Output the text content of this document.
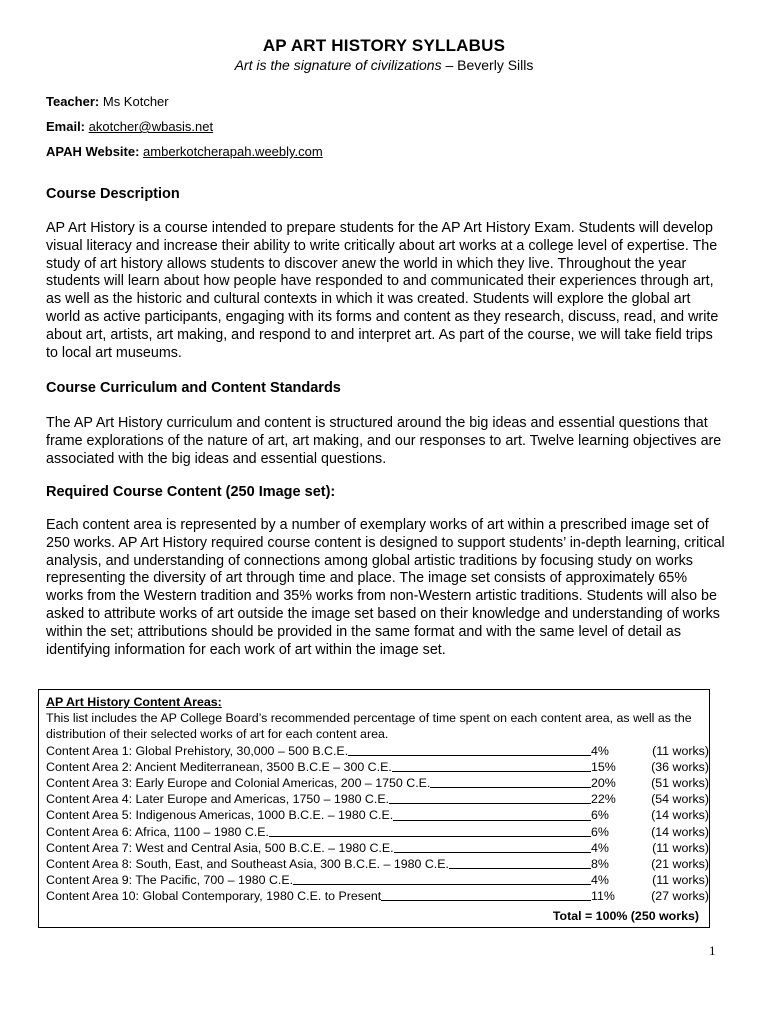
AP ART HISTORY SYLLABUS
Art is the signature of civilizations – Beverly Sills
Teacher: Ms Kotcher
Email: akotcher@wbasis.net
APAH Website: amberkotcherapah.weebly.com
Course Description

AP Art History is a course intended to prepare students for the AP Art History Exam. Students will develop visual literacy and increase their ability to write critically about art works at a college level of expertise. The study of art history allows students to discover anew the world in which they live. Throughout the year students will learn about how people have responded to and communicated their experiences through art, as well as the historic and cultural contexts in which it was created. Students will explore the global art world as active participants, engaging with its forms and content as they research, discuss, read, and write about art, artists, art making, and respond to and interpret art. As part of the course, we will take field trips to local art museums.

Course Curriculum and Content Standards

The AP Art History curriculum and content is structured around the big ideas and essential questions that frame explorations of the nature of art, art making, and our responses to art. Twelve learning objectives are associated with the big ideas and essential questions.

Required Course Content (250 Image set):

Each content area is represented by a number of exemplary works of art within a prescribed image set of 250 works. AP Art History required course content is designed to support students’ in-depth learning, critical analysis, and understanding of connections among global artistic traditions by focusing study on works representing the diversity of art through time and place. The image set consists of approximately 65% works from the Western tradition and 35% works from non-Western artistic traditions. Students will also be asked to attribute works of art outside the image set based on their knowledge and understanding of works within the set; attributions should be provided in the same format and with the same level of detail as identifying information for each work of art within the image set.

AP Art History Content Areas:
This list includes the AP College Board’s recommended percentage of time spent on each content area, as well as the distribution of their selected works of art for each content area.
Content Area 1: Global Prehistory, 30,000 – 500 B.C.E.	4%	(11 works)
Content Area 2: Ancient Mediterranean, 3500 B.C.E – 300 C.E.	15%	(36 works)
Content Area 3: Early Europe and Colonial Americas, 200 – 1750 C.E.	20%	(51 works)
Content Area 4: Later Europe and Americas, 1750 – 1980 C.E.	22%	(54 works)
Content Area 5: Indigenous Americas, 1000 B.C.E. – 1980 C.E.	6%	(14 works)
Content Area 6: Africa, 1100 – 1980 C.E.	6%	(14 works)
Content Area 7: West and Central Asia, 500 B.C.E. – 1980 C.E.	4%	(11 works)
Content Area 8: South, East, and Southeast Asia, 300 B.C.E. – 1980 C.E.	8%	(21 works)
Content Area 9: The Pacific, 700 – 1980 C.E.	4%	(11 works)
Content Area 10: Global Contemporary, 1980 C.E. to Present	11%	(27 works)
Total = 100% (250 works)
1
